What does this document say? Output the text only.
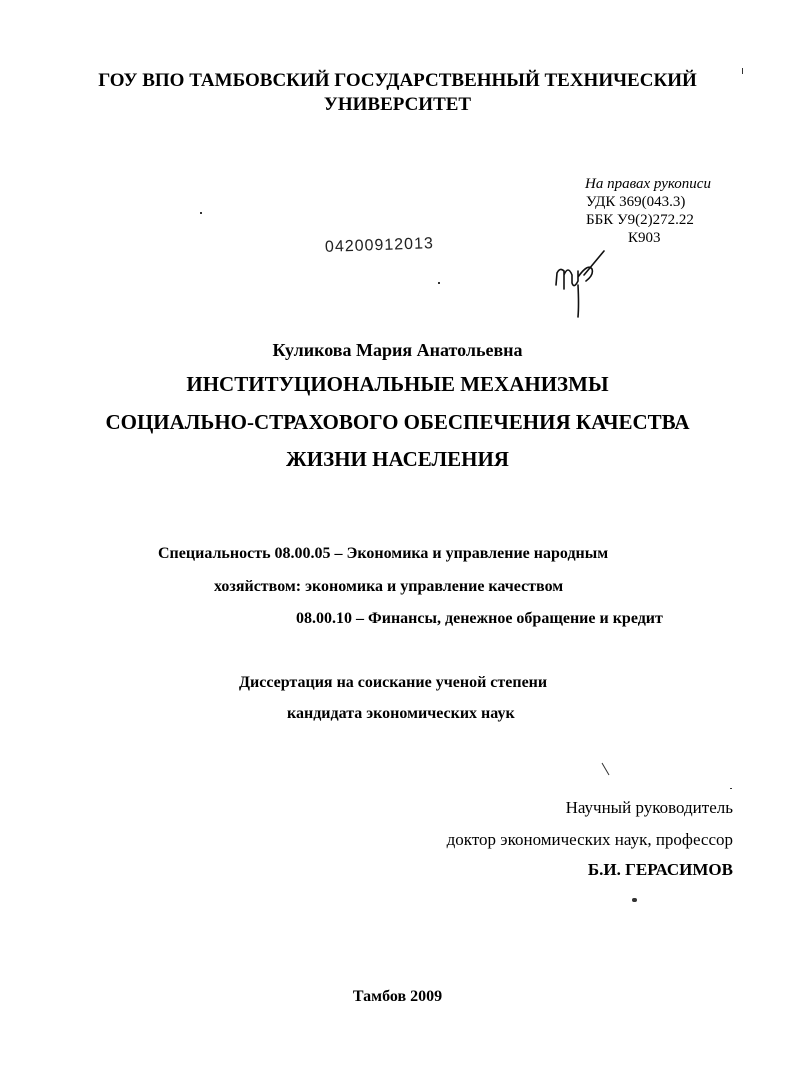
ГОУ ВПО ТАМБОВСКИЙ ГОСУДАРСТВЕННЫЙ ТЕХНИЧЕСКИЙ
УНИВЕРСИТЕТ
На правах рукописи
УДК 369(043.3)
ББК У9(2)272.22
К903
04200912013
Куликова Мария Анатольевна
ИНСТИТУЦИОНАЛЬНЫЕ МЕХАНИЗМЫ
СОЦИАЛЬНО-СТРАХОВОГО ОБЕСПЕЧЕНИЯ КАЧЕСТВА
ЖИЗНИ НАСЕЛЕНИЯ
Специальность 08.00.05 – Экономика и управление народным
хозяйством: экономика и управление качеством
08.00.10 – Финансы, денежное обращение и кредит
Диссертация на соискание ученой степени
кандидата экономических наук
Научный руководитель
доктор экономических наук, профессор
Б.И. ГЕРАСИМОВ
Тамбов 2009
